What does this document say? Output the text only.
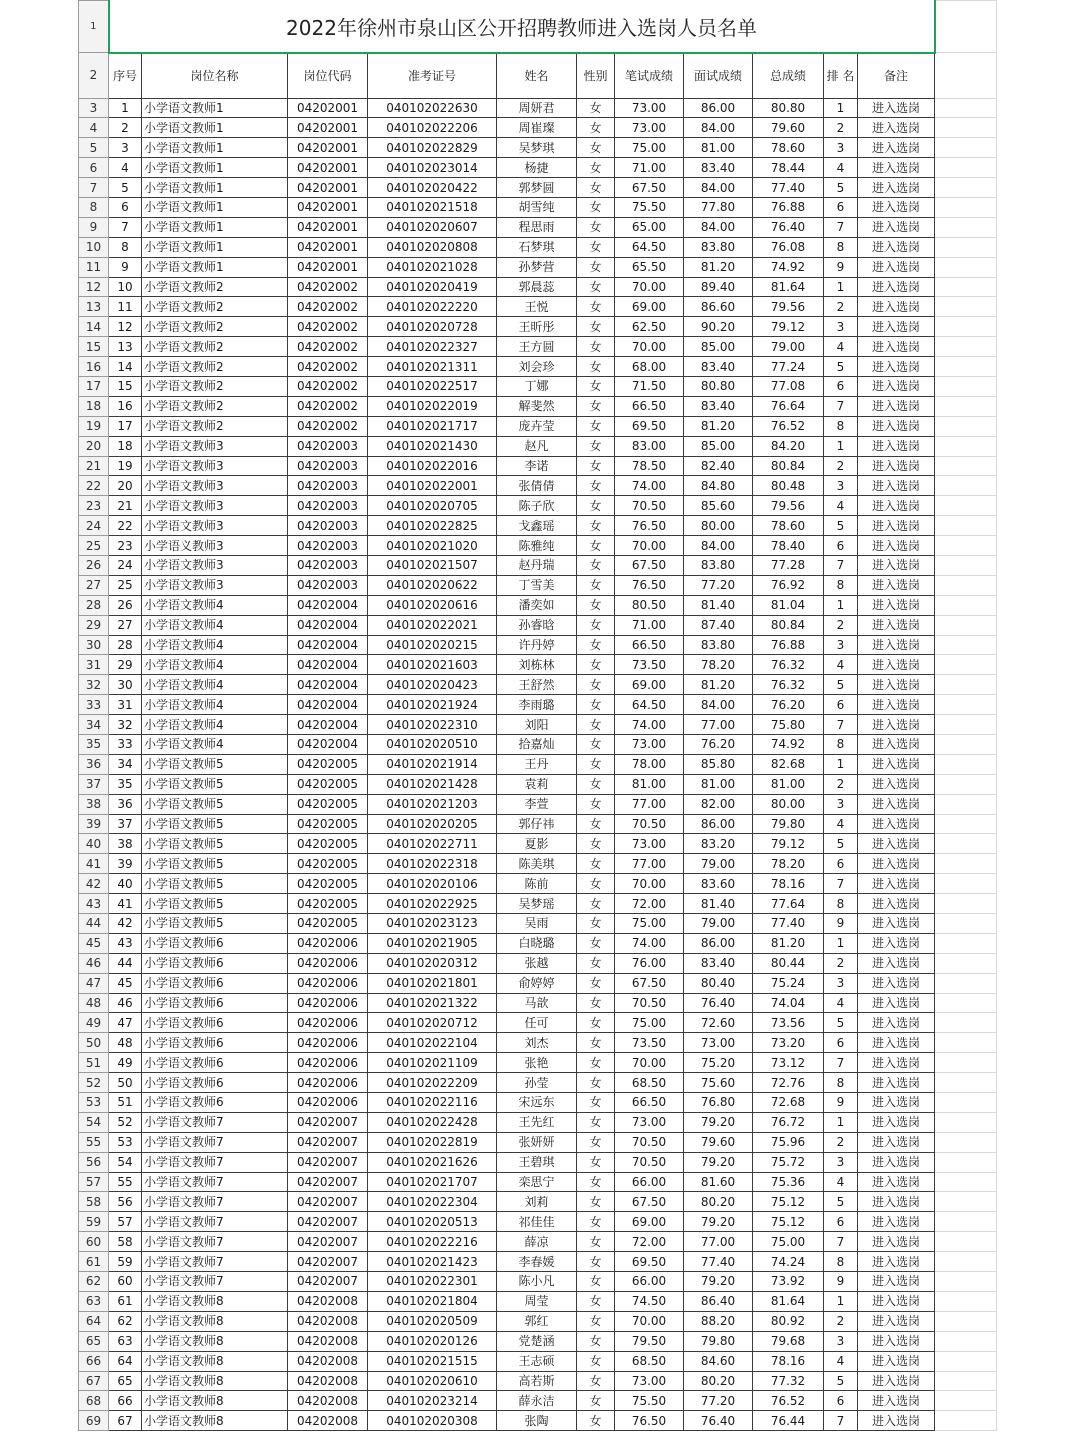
1	2022年徐州市泉山区公开招聘教师进入选岗人员名单											
2	序号	岗位名称	岗位代码	准考证号	姓名	性别	笔试成绩	面试成绩	总成绩	排 名	备注	
3	1	小学语文教师1	04202001	040102022630	周妍君	女	73.00	86.00	80.80	1	进入选岗	
4	2	小学语文教师1	04202001	040102022206	周崔璨	女	73.00	84.00	79.60	2	进入选岗	
5	3	小学语文教师1	04202001	040102022829	吴梦琪	女	75.00	81.00	78.60	3	进入选岗	
6	4	小学语文教师1	04202001	040102023014	杨捷	女	71.00	83.40	78.44	4	进入选岗	
7	5	小学语文教师1	04202001	040102020422	郭梦圆	女	67.50	84.00	77.40	5	进入选岗	
8	6	小学语文教师1	04202001	040102021518	胡雪纯	女	75.50	77.80	76.88	6	进入选岗	
9	7	小学语文教师1	04202001	040102020607	程思雨	女	65.00	84.00	76.40	7	进入选岗	
10	8	小学语文教师1	04202001	040102020808	石梦琪	女	64.50	83.80	76.08	8	进入选岗	
11	9	小学语文教师1	04202001	040102021028	孙梦营	女	65.50	81.20	74.92	9	进入选岗	
12	10	小学语文教师2	04202002	040102020419	郭晨蕊	女	70.00	89.40	81.64	1	进入选岗	
13	11	小学语文教师2	04202002	040102022220	王悦	女	69.00	86.60	79.56	2	进入选岗	
14	12	小学语文教师2	04202002	040102020728	王昕彤	女	62.50	90.20	79.12	3	进入选岗	
15	13	小学语文教师2	04202002	040102022327	王方圆	女	70.00	85.00	79.00	4	进入选岗	
16	14	小学语文教师2	04202002	040102021311	刘会珍	女	68.00	83.40	77.24	5	进入选岗	
17	15	小学语文教师2	04202002	040102022517	丁娜	女	71.50	80.80	77.08	6	进入选岗	
18	16	小学语文教师2	04202002	040102022019	解斐然	女	66.50	83.40	76.64	7	进入选岗	
19	17	小学语文教师2	04202002	040102021717	庞卉莹	女	69.50	81.20	76.52	8	进入选岗	
20	18	小学语文教师3	04202003	040102021430	赵凡	女	83.00	85.00	84.20	1	进入选岗	
21	19	小学语文教师3	04202003	040102022016	李诺	女	78.50	82.40	80.84	2	进入选岗	
22	20	小学语文教师3	04202003	040102022001	张倩倩	女	74.00	84.80	80.48	3	进入选岗	
23	21	小学语文教师3	04202003	040102020705	陈子欣	女	70.50	85.60	79.56	4	进入选岗	
24	22	小学语文教师3	04202003	040102022825	戈鑫瑶	女	76.50	80.00	78.60	5	进入选岗	
25	23	小学语义教师3	04202003	040102021020	陈雅纯	女	70.00	84.00	78.40	6	进入选岗	
26	24	小学语文教师3	04202003	040102021507	赵丹瑞	女	67.50	83.80	77.28	7	进入选岗	
27	25	小学语文教师3	04202003	040102020622	丁雪美	女	76.50	77.20	76.92	8	进入选岗	
28	26	小学语文教师4	04202004	040102020616	潘奕如	女	80.50	81.40	81.04	1	进入选岗	
29	27	小学语文教师4	04202004	040102022021	孙睿晗	女	71.00	87.40	80.84	2	进入选岗	
30	28	小学语文教师4	04202004	040102020215	许丹婷	女	66.50	83.80	76.88	3	进入选岗	
31	29	小学语文教师4	04202004	040102021603	刘栋林	女	73.50	78.20	76.32	4	进入选岗	
32	30	小学语文教师4	04202004	040102020423	王舒然	女	69.00	81.20	76.32	5	进入选岗	
33	31	小学语文教师4	04202004	040102021924	李雨璐	女	64.50	84.00	76.20	6	进入选岗	
34	32	小学语文教师4	04202004	040102022310	刘阳	女	74.00	77.00	75.80	7	进入选岗	
35	33	小学语文教师4	04202004	040102020510	拾嘉灿	女	73.00	76.20	74.92	8	进入选岗	
36	34	小学语文教师5	04202005	040102021914	王丹	女	78.00	85.80	82.68	1	进入选岗	
37	35	小学语文教师5	04202005	040102021428	袁莉	女	81.00	81.00	81.00	2	进入选岗	
38	36	小学语文教师5	04202005	040102021203	李萱	女	77.00	82.00	80.00	3	进入选岗	
39	37	小学语文教师5	04202005	040102020205	郭仔祎	女	70.50	86.00	79.80	4	进入选岗	
40	38	小学语文教师5	04202005	040102022711	夏影	女	73.00	83.20	79.12	5	进入选岗	
41	39	小学语文教师5	04202005	040102022318	陈美琪	女	77.00	79.00	78.20	6	进入选岗	
42	40	小学语文教师5	04202005	040102020106	陈前	女	70.00	83.60	78.16	7	进入选岗	
43	41	小学语文教师5	04202005	040102022925	吴梦瑶	女	72.00	81.40	77.64	8	进入选岗	
44	42	小学语文教师5	04202005	040102023123	吴雨	女	75.00	79.00	77.40	9	进入选岗	
45	43	小学语文教师6	04202006	040102021905	白晓璐	女	74.00	86.00	81.20	1	进入选岗	
46	44	小学语文教师6	04202006	040102020312	张越	女	76.00	83.40	80.44	2	进入选岗	
47	45	小学语文教师6	04202006	040102021801	俞婷婷	女	67.50	80.40	75.24	3	进入选岗	
48	46	小学语文教师6	04202006	040102021322	马歆	女	70.50	76.40	74.04	4	进入选岗	
49	47	小学语文教师6	04202006	040102020712	任可	女	75.00	72.60	73.56	5	进入选岗	
50	48	小学语文教师6	04202006	040102022104	刘杰	女	73.50	73.00	73.20	6	进入选岗	
51	49	小学语文教师6	04202006	040102021109	张艳	女	70.00	75.20	73.12	7	进入选岗	
52	50	小学语文教师6	04202006	040102022209	孙莹	女	68.50	75.60	72.76	8	进入选岗	
53	51	小学语文教师6	04202006	040102022116	宋远东	女	66.50	76.80	72.68	9	进入选岗	
54	52	小学语文教师7	04202007	040102022428	王先红	女	73.00	79.20	76.72	1	进入选岗	
55	53	小学语文教师7	04202007	040102022819	张妍妍	女	70.50	79.60	75.96	2	进入选岗	
56	54	小学语文教师7	04202007	040102021626	王碧琪	女	70.50	79.20	75.72	3	进入选岗	
57	55	小学语文教师7	04202007	040102021707	栾思宁	女	66.00	81.60	75.36	4	进入选岗	
58	56	小学语文教师7	04202007	040102022304	刘莉	女	67.50	80.20	75.12	5	进入选岗	
59	57	小学语文教师7	04202007	040102020513	祁佳佳	女	69.00	79.20	75.12	6	进入选岗	
60	58	小学语文教师7	04202007	040102022216	薛凉	女	72.00	77.00	75.00	7	进入选岗	
61	59	小学语文教师7	04202007	040102021423	李春媛	女	69.50	77.40	74.24	8	进入选岗	
62	60	小学语文教师7	04202007	040102022301	陈小凡	女	66.00	79.20	73.92	9	进入选岗	
63	61	小学语文教师8	04202008	040102021804	周莹	女	74.50	86.40	81.64	1	进入选岗	
64	62	小学语文教师8	04202008	040102020509	郭红	女	70.00	88.20	80.92	2	进入选岗	
65	63	小学语文教师8	04202008	040102020126	党楚涵	女	79.50	79.80	79.68	3	进入选岗	
66	64	小学语文教师8	04202008	040102021515	王志硕	女	68.50	84.60	78.16	4	进入选岗	
67	65	小学语文教师8	04202008	040102020610	高若斯	女	73.00	80.20	77.32	5	进入选岗	
68	66	小学语文教师8	04202008	040102023214	薛永洁	女	75.50	77.20	76.52	6	进入选岗	
69	67	小学语文教师8	04202008	040102020308	张陶	女	76.50	76.40	76.44	7	进入选岗	
